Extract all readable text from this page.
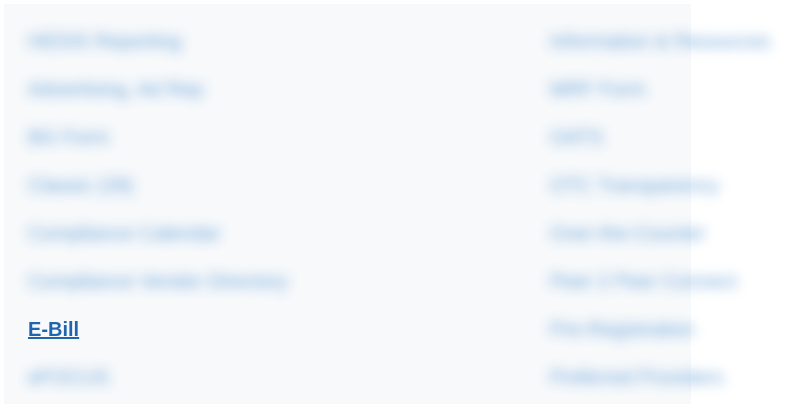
HEDIS Reporting
Advertising, Ad Rep
BG Form
Classic (28)
Compliance Calendar
Compliance Vendor Directory
E-Bill
eFOCUS
Information & Resources
MRF Form
OATS
OTC Transparency
Over-the-Counter
Peer 2 Peer Connect
Pre-Registration
Preferred Providers
